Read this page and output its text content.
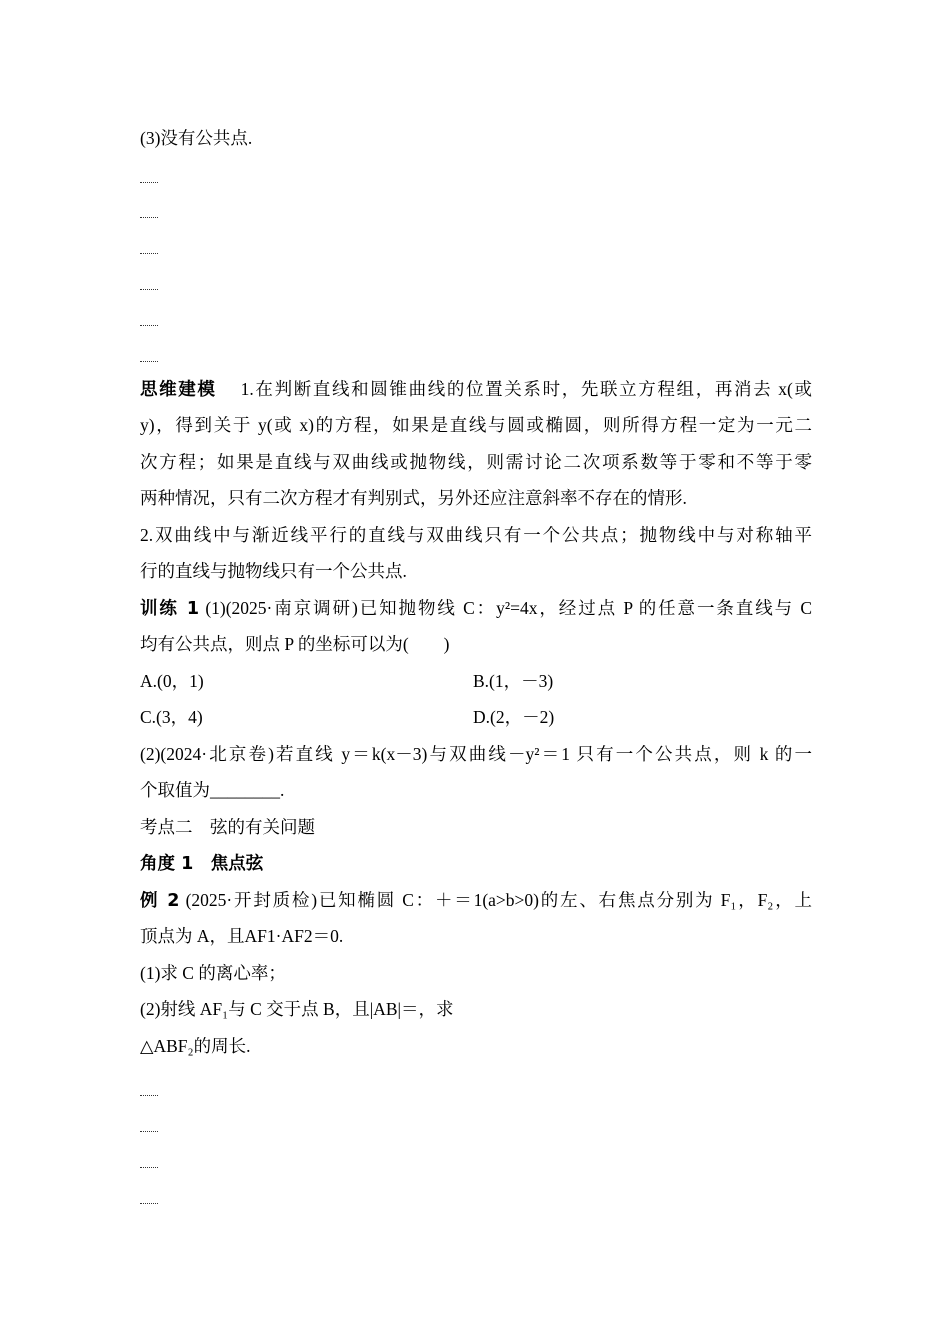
(3)没有公共点.
思维建模 1.在判断直线和圆锥曲线的位置关系时，先联立方程组，再消去 x(或
y)，得到关于 y(或 x)的方程，如果是直线与圆或椭圆，则所得方程一定为一元二
次方程；如果是直线与双曲线或抛物线，则需讨论二次项系数等于零和不等于零
两种情况，只有二次方程才有判别式，另外还应注意斜率不存在的情形.
2.双曲线中与渐近线平行的直线与双曲线只有一个公共点；抛物线中与对称轴平
行的直线与抛物线只有一个公共点.
训练 1 (1)(2025·南京调研)已知抛物线 C：y²=4x，经过点 P 的任意一条直线与 C
均有公共点，则点 P 的坐标可以为(　　)
A.(0，1)	B.(1，－3)
C.(3，4)	D.(2，－2)
(2)(2024·北京卷)若直线 y＝k(x－3)与双曲线－y²＝1 只有一个公共点，则 k 的一
个取值为________.
考点二　弦的有关问题
角度 1　焦点弦
例 2 (2025·开封质检)已知椭圆 C：＋＝1(a>b>0)的左、右焦点分别为 F₁，F₂，上
顶点为 A，且AF1·AF2＝0.
(1)求 C 的离心率；
(2)射线 AF₁与 C 交于点 B，且|AB|＝，求
△ABF₂的周长.
